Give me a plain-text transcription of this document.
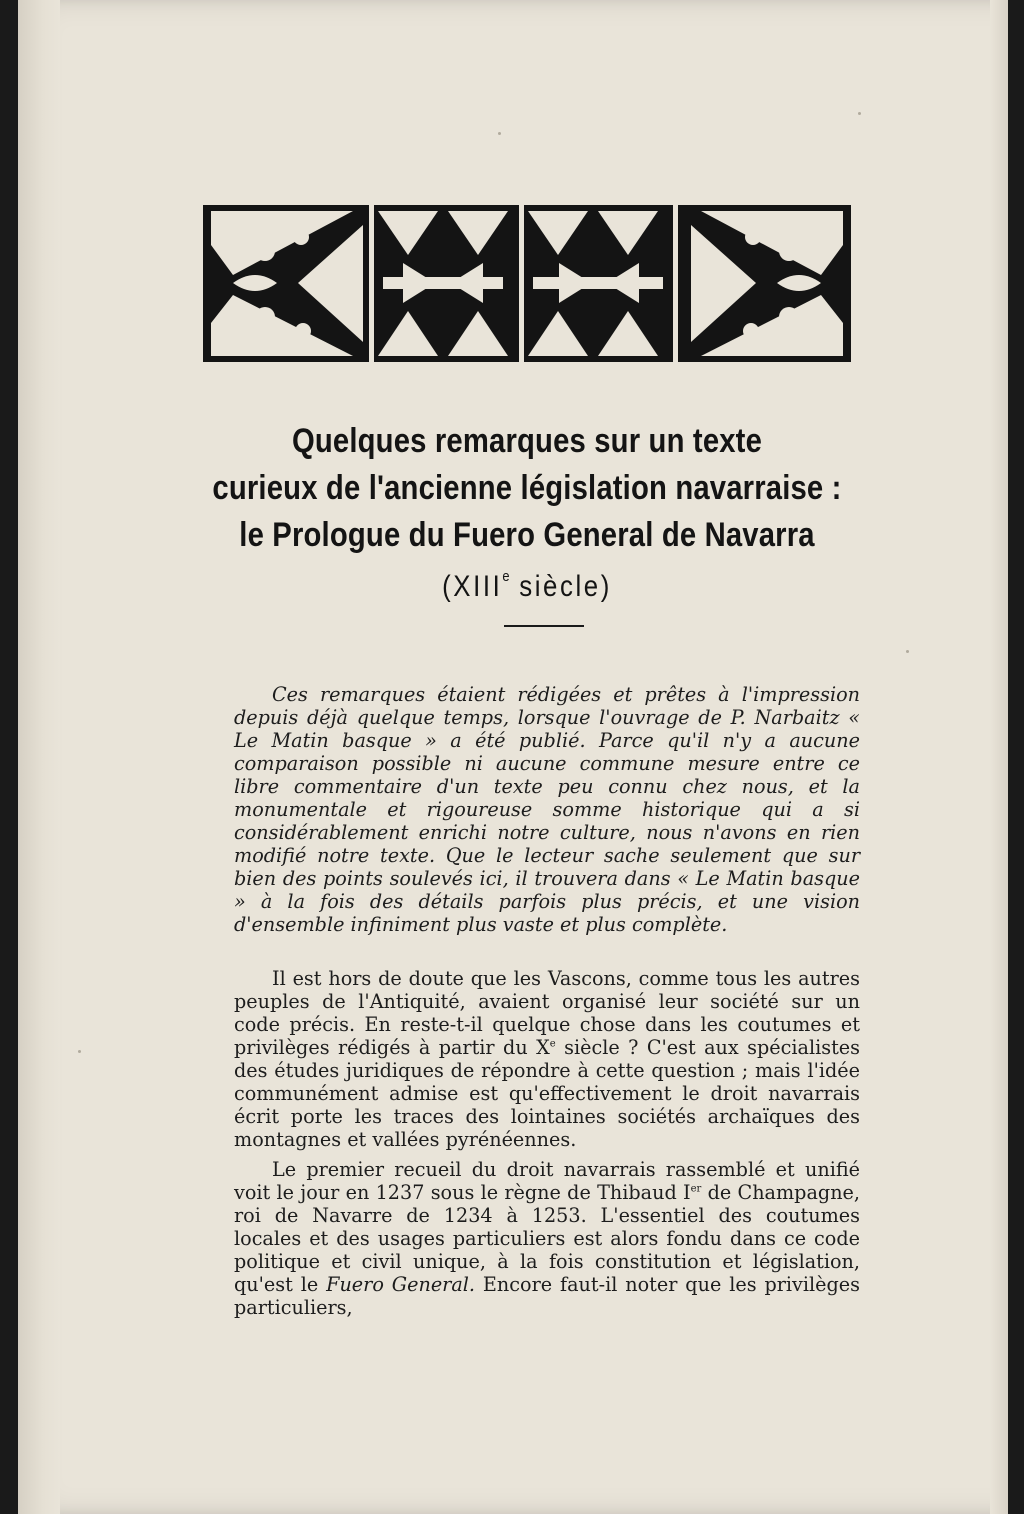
Quelques remarques sur un texte
curieux de l'ancienne législation navarraise :
le Prologue du Fuero General de Navarra
(XIIIe siècle)
Ces remarques étaient rédigées et prêtes à l'impression depuis déjà quelque temps, lorsque l'ouvrage de P. Narbaitz « Le Matin basque » a été publié. Parce qu'il n'y a aucune comparaison possible ni aucune commune mesure entre ce libre commentaire d'un texte peu connu chez nous, et la monumentale et rigoureuse somme historique qui a si considérablement enrichi notre culture, nous n'avons en rien modifié notre texte. Que le lecteur sache seulement que sur bien des points soulevés ici, il trouvera dans « Le Matin basque » à la fois des détails parfois plus précis, et une vision d'ensemble infiniment plus vaste et plus complète.
Il est hors de doute que les Vascons, comme tous les autres peuples de l'Antiquité, avaient organisé leur société sur un code précis. En reste-t-il quelque chose dans les coutumes et privilèges rédigés à partir du Xe siècle ? C'est aux spécialistes des études juridiques de répondre à cette question ; mais l'idée communément admise est qu'effectivement le droit navarrais écrit porte les traces des lointaines sociétés archaïques des montagnes et vallées pyrénéennes.
Le premier recueil du droit navarrais rassemblé et unifié voit le jour en 1237 sous le règne de Thibaud Ier de Champagne, roi de Navarre de 1234 à 1253. L'essentiel des coutumes locales et des usages particuliers est alors fondu dans ce code politique et civil unique, à la fois constitution et législation, qu'est le Fuero General. Encore faut-il noter que les privilèges particuliers,
